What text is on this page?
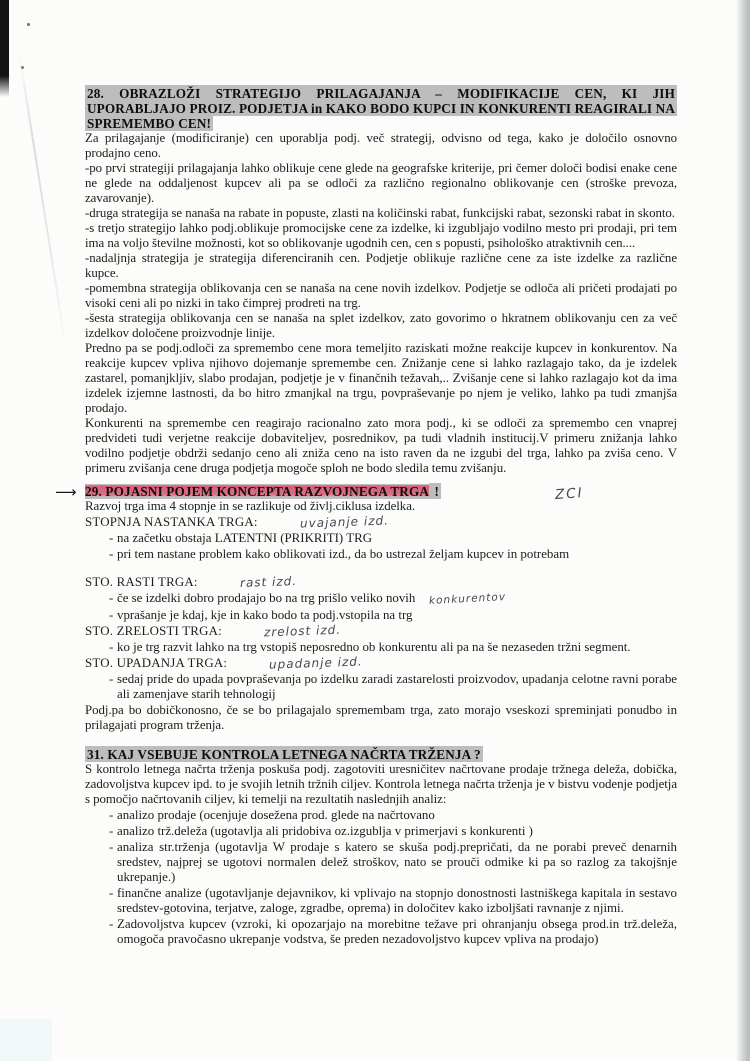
28. OBRAZLOŽI STRATEGIJO PRILAGAJANJA – MODIFIKACIJE CEN, KI JIH UPORABLJAJO PROIZ. PODJETJA in KAKO BODO KUPCI IN KONKURENTI REAGIRALI NA SPREMEMBO CEN!

Za prilagajanje (modificiranje) cen uporablja podj. več strategij, odvisno od tega, kako je določilo osnovno prodajno ceno.

-po prvi strategiji prilagajanja lahko oblikuje cene glede na geografske kriterije, pri čemer določi bodisi enake cene ne glede na oddaljenost kupcev ali pa se odloči za različno regionalno oblikovanje cen (stroške prevoza, zavarovanje).

-druga strategija se nanaša na rabate in popuste, zlasti na količinski rabat, funkcijski rabat, sezonski rabat in skonto.

-s tretjo strategijo lahko podj.oblikuje promocijske cene za izdelke, ki izgubljajo vodilno mesto pri prodaji, pri tem ima na voljo številne možnosti, kot so oblikovanje ugodnih cen, cen s popusti, psihološko atraktivnih cen....

-nadaljnja strategija je strategija diferenciranih cen. Podjetje oblikuje različne cene za iste izdelke za različne kupce.

-pomembna strategija oblikovanja cen se nanaša na cene novih izdelkov. Podjetje se odloča ali pričeti prodajati po visoki ceni ali po nizki in tako čimprej prodreti na trg.

-šesta strategija oblikovanja cen se nanaša na splet izdelkov, zato govorimo o hkratnem oblikovanju cen za več izdelkov določene proizvodnje linije.

Predno pa se podj.odloči za spremembo cene mora temeljito raziskati možne reakcije kupcev in konkurentov. Na reakcije kupcev vpliva njihovo dojemanje spremembe cen. Znižanje cene si lahko razlagajo tako, da je izdelek zastarel, pomanjkljiv, slabo prodajan, podjetje je v finančnih težavah,.. Zvišanje cene si lahko razlagajo kot da ima izdelek izjemne lastnosti, da bo hitro zmanjkal na trgu, povpraševanje po njem je veliko, lahko pa tudi zmanjša prodajo.

Konkurenti na spremembe cen reagirajo racionalno zato mora podj., ki se odloči za spremembo cen vnaprej predvideti tudi verjetne reakcije dobaviteljev, posrednikov, pa tudi vladnih institucij.V primeru znižanja lahko vodilno podjetje obdrži sedanjo ceno ali zniža ceno na isto raven da ne izgubi del trga, lahko pa zviša ceno. V primeru zvišanja cene druga podjetja mogoče sploh ne bodo sledila temu zvišanju.

⟶ 29. POJASNI POJEM KONCEPTA RAZVOJNEGA TRGA !	ZCI

Razvoj trga ima 4 stopnje in se razlikuje od življ.ciklusa izdelka.

STOPNJA NASTANKA TRGA:	uvajanje izd.
- na začetku obstaja LATENTNI (PRIKRITI) TRG
- pri tem nastane problem kako oblikovati izd., da bo ustrezal željam kupcev in potrebam
STO. RASTI TRGA:	rast izd.
- če se izdelki dobro prodajajo bo na trg prišlo veliko novih konkurentov
- vprašanje je kdaj, kje in kako bodo ta podj.vstopila na trg
STO. ZRELOSTI TRGA:	zrelost izd.
- ko je trg razvit lahko na trg vstopiš neposredno ob konkurentu ali pa na še nezaseden tržni segment.
STO. UPADANJA TRGA:	upadanje izd.
- sedaj pride do upada povpraševanja po izdelku zaradi zastarelosti proizvodov, upadanja celotne ravni porabe ali zamenjave starih tehnologij

Podj.pa bo dobičkonosno, če se bo prilagajalo spremembam trga, zato morajo vseskozi spreminjati ponudbo in prilagajati program trženja.

31. KAJ VSEBUJE KONTROLA LETNEGA NAČRTA TRŽENJA ?

S kontrolo letnega načrta trženja poskuša podj. zagotoviti uresničitev načrtovane prodaje tržnega deleža, dobička, zadovoljstva kupcev ipd. to je svojih letnih tržnih ciljev. Kontrola letnega načrta trženja je v bistvu vodenje podjetja s pomočjo načrtovanih ciljev, ki temelji na rezultatih naslednjih analiz:

- analizo prodaje (ocenjuje dosežena prod. glede na načrtovano
- analizo trž.deleža (ugotavlja ali pridobiva oz.izgublja v primerjavi s konkurenti )
- analiza str.trženja (ugotavlja W prodaje s katero se skuša podj.prepričati, da ne porabi preveč denarnih sredstev, najprej se ugotovi normalen delež stroškov, nato se prouči odmike ki pa so razlog za takojšnje ukrepanje.)
- finančne analize (ugotavljanje dejavnikov, ki vplivajo na stopnjo donostnosti lastniškega kapitala in sestavo sredstev-gotovina, terjatve, zaloge, zgradbe, oprema) in določitev kako izboljšati ravnanje z njimi.
- Zadovoljstva kupcev (vzroki, ki opozarjajo na morebitne težave pri ohranjanju obsega prod.in trž.deleža, omogoča pravočasno ukrepanje vodstva, še preden nezadovoljstvo kupcev vpliva na prodajo)
